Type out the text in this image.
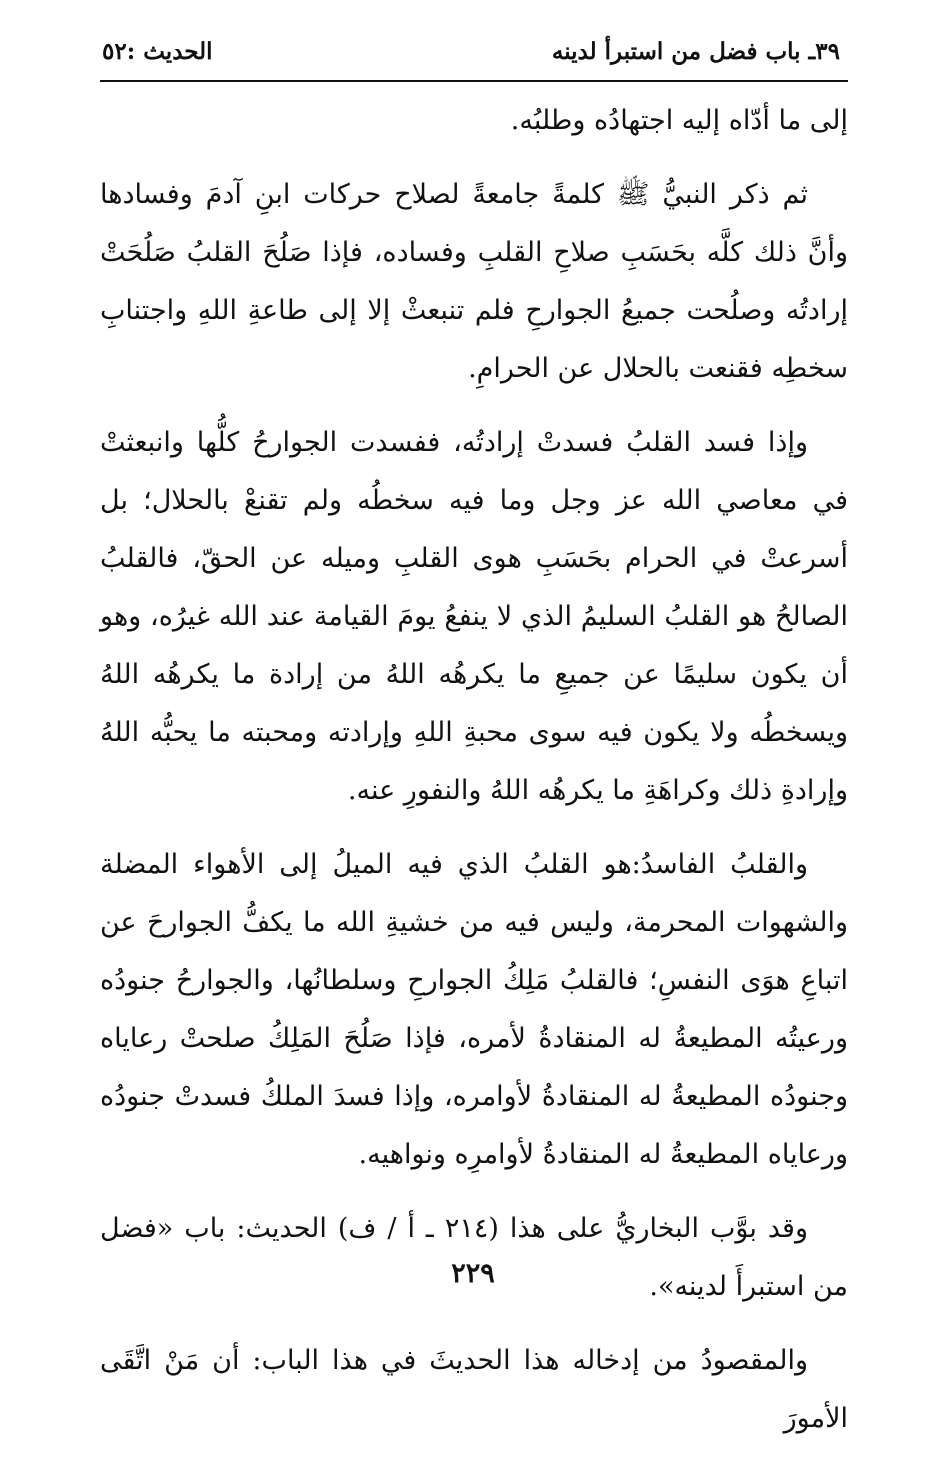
٣٩ـ باب فضل من استبرأ لدينه
الحديث :٥٢

إلى ما أدّاه إليه اجتهادُه وطلبُه.

ثم ذكر النبيُّ ﷺ كلمةً جامعةً لصلاح حركات ابنِ آدمَ وفسادها وأنَّ ذلك كلَّه بحَسَبِ صلاحِ القلبِ وفساده، فإذا صَلُحَ القلبُ صَلُحَتْ إرادتُه وصلُحت جميعُ الجوارحِ فلم تنبعثْ إلا إلى طاعةِ اللهِ واجتنابِ سخطِه فقنعت بالحلال عن الحرامِ.

وإذا فسد القلبُ فسدتْ إرادتُه، ففسدت الجوارحُ كلُّها وانبعثتْ في معاصي الله عز وجل وما فيه سخطُه ولم تقنعْ بالحلال؛ بل أسرعتْ في الحرام بحَسَبِ هوى القلبِ وميله عن الحقّ، فالقلبُ الصالحُ هو القلبُ السليمُ الذي لا ينفعُ يومَ القيامة عند الله غيرُه، وهو أن يكون سليمًا عن جميعِ ما يكرهُه اللهُ من إرادة ما يكرهُه اللهُ ويسخطُه ولا يكون فيه سوى محبةِ اللهِ وإرادته ومحبته ما يحبُّه اللهُ وإرادةِ ذلك وكراهَةِ ما يكرهُه اللهُ والنفورِ عنه.

والقلبُ الفاسدُ:هو القلبُ الذي فيه الميلُ إلى الأهواء المضلة والشهوات المحرمة، وليس فيه من خشيةِ الله ما يكفُّ الجوارحَ عن اتباعِ هوَى النفسِ؛ فالقلبُ مَلِكُ الجوارحِ وسلطانُها، والجوارحُ جنودُه ورعيتُه المطيعةُ له المنقادةُ لأمره، فإذا صَلُحَ المَلِكُ صلحتْ رعاياه وجنودُه المطيعةُ له المنقادةُ لأوامره، وإذا فسدَ الملكُ فسدتْ جنودُه ورعاياه المطيعةُ له المنقادةُ لأوامرِه ونواهيه.

وقد بوَّب البخاريُّ على هذا (٢١٤ ـ أ / ف) الحديث: باب «فضل من استبرأَ لدينه».

والمقصودُ من إدخاله هذا الحديثَ في هذا الباب: أن مَنْ اتَّقَى الأمورَ

٢٢٩
